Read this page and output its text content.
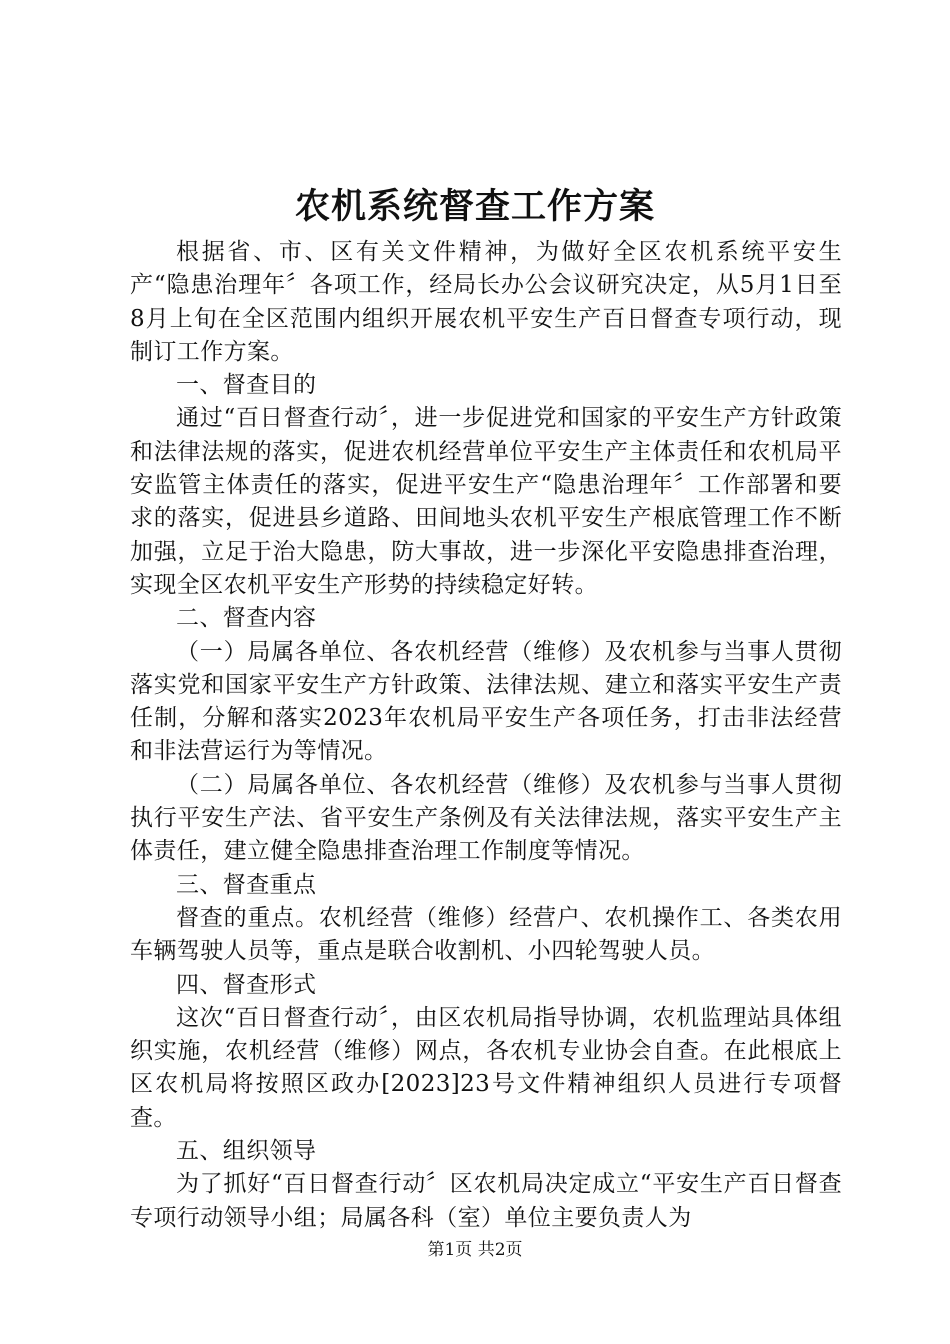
农机系统督查工作方案

根据省、市、区有关文件精神，为做好全区农机系统平安生产“隐患治理年〞各项工作，经局长办公会议研究决定，从5月1日至8月上旬在全区范围内组织开展农机平安生产百日督查专项行动，现制订工作方案。

一、督查目的

通过“百日督查行动〞，进一步促进党和国家的平安生产方针政策和法律法规的落实，促进农机经营单位平安生产主体责任和农机局平安监管主体责任的落实，促进平安生产“隐患治理年〞工作部署和要求的落实，促进县乡道路、田间地头农机平安生产根底管理工作不断加强，立足于治大隐患，防大事故，进一步深化平安隐患排查治理，实现全区农机平安生产形势的持续稳定好转。

二、督查内容

（一）局属各单位、各农机经营（维修）及农机参与当事人贯彻落实党和国家平安生产方针政策、法律法规、建立和落实平安生产责任制，分解和落实2023年农机局平安生产各项任务，打击非法经营和非法营运行为等情况。

（二）局属各单位、各农机经营（维修）及农机参与当事人贯彻执行平安生产法、省平安生产条例及有关法律法规，落实平安生产主体责任，建立健全隐患排查治理工作制度等情况。

三、督查重点

督查的重点。农机经营（维修）经营户、农机操作工、各类农用车辆驾驶人员等，重点是联合收割机、小四轮驾驶人员。

四、督查形式

这次“百日督查行动〞，由区农机局指导协调，农机监理站具体组织实施，农机经营（维修）网点，各农机专业协会自查。在此根底上区农机局将按照区政办[2023]23号文件精神组织人员进行专项督查。

五、组织领导

为了抓好“百日督查行动〞区农机局决定成立“平安生产百日督查专项行动领导小组；局属各科（室）单位主要负责人为

第1页 共2页
